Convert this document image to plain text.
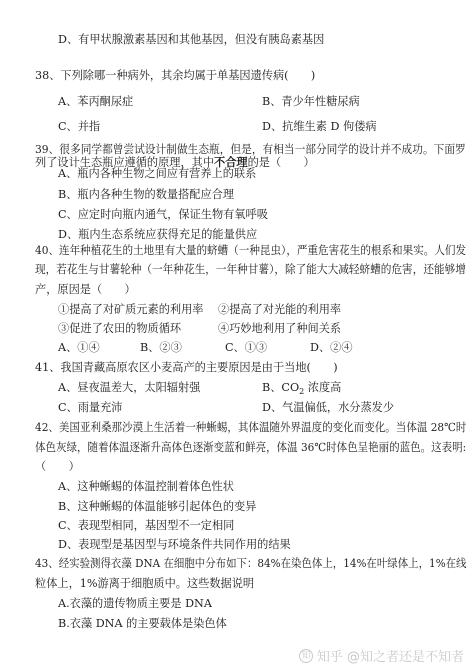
D、有甲状腺激素基因和其他基因，但没有胰岛素基因
38、下列除哪一种病外，其余均属于单基因遗传病(　　)
A、苯丙酮尿症	B、青少年性糖尿病
C、并指	D、抗维生素 D 佝偻病
39、很多同学都曾尝试设计制做生态瓶，但是，有相当一部分同学的设计并不成功。下面罗
列了设计生态瓶应遵循的原理，其中不合理的是（　　）
A、瓶内各种生物之间应有营养上的联系
B、瓶内各种生物的数量搭配应合理
C、应定时向瓶内通气，保证生物有氧呼吸
D、瓶内生态系统应获得充足的能量供应
40、连年种植花生的土地里有大量的蛴螬（一种昆虫），严重危害花生的根系和果实。人们发
现，若花生与甘薯轮种（一年种花生，一年种甘薯），除了能大大减轻蛴螬的危害，还能够增
产，原因是（　　）
①提高了对矿质元素的利用率 ②提高了对光能的利用率
③促进了农田的物质循环	④巧妙地利用了种间关系
A、①④	B、②③	C、①③	D、②④
41、我国青藏高原农区小麦高产的主要原因是由于当地(　　)
A、昼夜温差大，太阳辐射强	B、$CO_2$ 浓度高
C、雨量充沛	D、气温偏低，水分蒸发少
42、美国亚利桑那沙漠上生活着一种蜥蜴，其体温随外界温度的变化而变化。当体温 28℃时
体色灰绿，随着体温逐渐升高体色逐渐变蓝和鲜亮，体温 36℃时体色呈艳丽的蓝色。这表明:
（　　）
A、这种蜥蜴的体温控制着体色性状
B、这种蜥蜴的体温能够引起体色的变异
C、表现型相同，基因型不一定相同
D、表现型是基因型与环境条件共同作用的结果
43、经实验测得衣藻 DNA 在细胞中分布如下：84%在染色体上，14%在叶绿体上，1%在线
粒体上，1%游离于细胞质中。这些数据说明
A.衣藻的遗传物质主要是 DNA
B.衣藻 DNA 的主要载体是染色体
知 知乎 @知之者还是不知者
